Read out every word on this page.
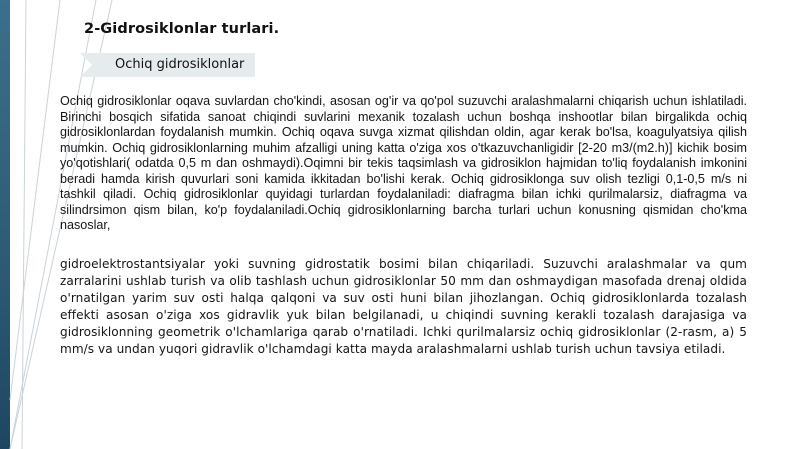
2-Gidrosiklonlar turlari.

Ochiq gidrosiklonlar

Ochiq gidrosiklonlar oqava suvlardan cho'kindi, asosan og'ir va qo'pol suzuvchi aralashmalarni chiqarish uchun ishlatiladi. Birinchi bosqich sifatida sanoat chiqindi suvlarini mexanik tozalash uchun boshqa inshootlar bilan birgalikda ochiq gidrosiklonlardan foydalanish mumkin. Ochiq oqava suvga xizmat qilishdan oldin, agar kerak bo'lsa, koagulyatsiya qilish mumkin. Ochiq gidrosiklonlarning muhim afzalligi uning katta o'ziga xos o'tkazuvchanligidir [2-20 m3/(m2.h)] kichik bosim yo'qotishlari( odatda 0,5 m dan oshmaydi).Oqimni bir tekis taqsimlash va gidrosiklon hajmidan to'liq foydalanish imkonini beradi hamda kirish quvurlari soni kamida ikkitadan bo'lishi kerak. Ochiq gidrosiklonga suv olish tezligi 0,1-0,5 m/s ni tashkil qiladi. Ochiq gidrosiklonlar quyidagi turlardan foydalaniladi: diafragma bilan ichki qurilmalarsiz, diafragma va silindrsimon qism bilan, ko'p foydalaniladi.Ochiq gidrosiklonlarning barcha turlari uchun konusning qismidan cho'kma nasoslar,

gidroelektrostantsiyalar yoki suvning gidrostatik bosimi bilan chiqariladi. Suzuvchi aralashmalar va qum zarralarini ushlab turish va olib tashlash uchun gidrosiklonlar 50 mm dan oshmaydigan masofada drenaj oldida o'rnatilgan yarim suv osti halqa qalqoni va suv osti huni bilan jihozlangan. Ochiq gidrosiklonlarda tozalash effekti asosan o'ziga xos gidravlik yuk bilan belgilanadi, u chiqindi suvning kerakli tozalash darajasiga va gidrosiklonning geometrik o'lchamlariga qarab o'rnatiladi. Ichki qurilmalarsiz ochiq gidrosiklonlar (2-rasm, a) 5 mm/s va undan yuqori gidravlik o'lchamdagi katta mayda aralashmalarni ushlab turish uchun tavsiya etiladi.
